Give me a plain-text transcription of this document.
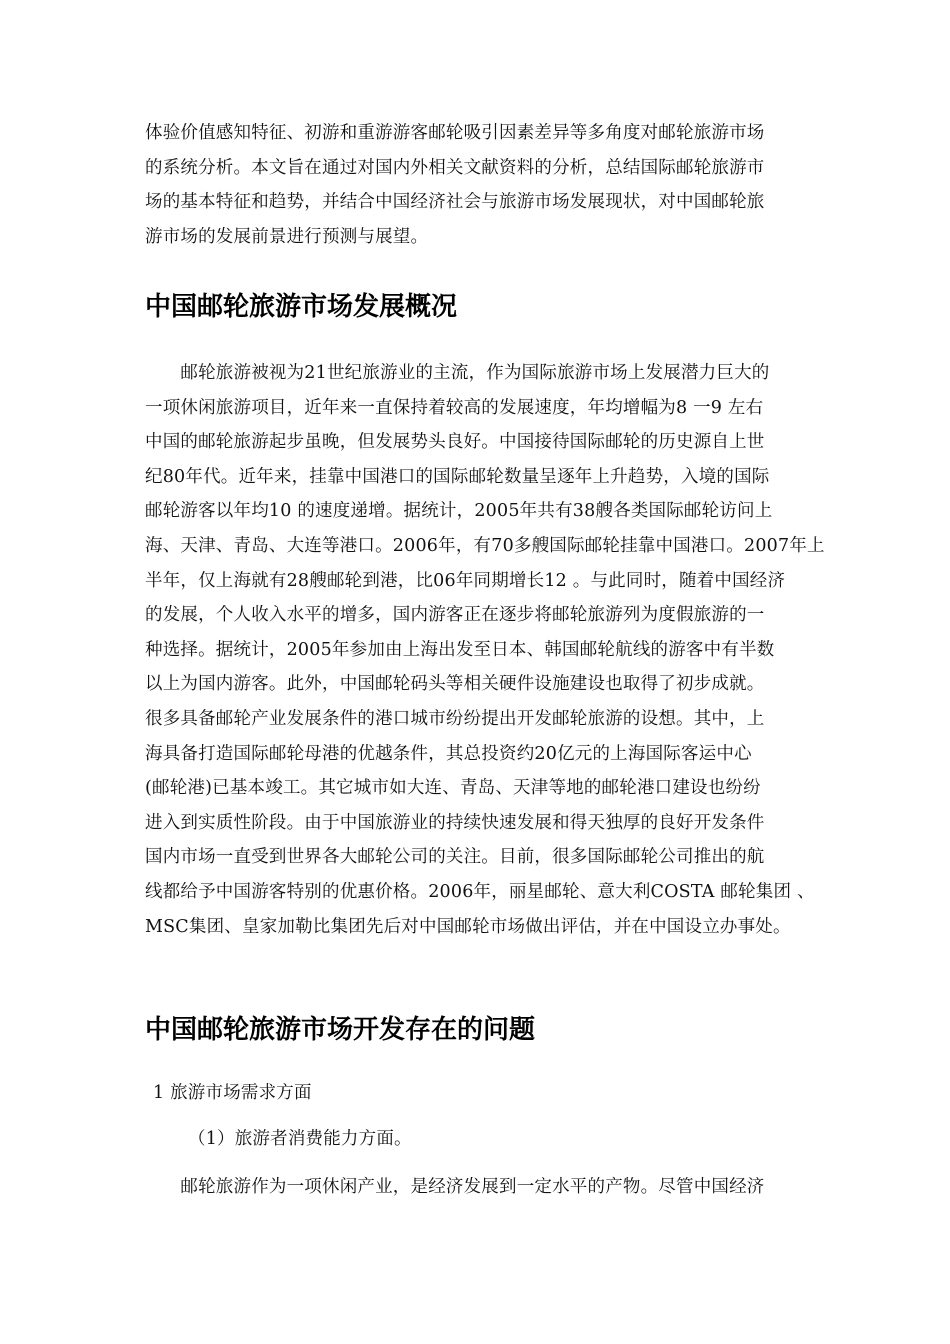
体验价值感知特征、初游和重游游客邮轮吸引因素差异等多角度对邮轮旅游市场
的系统分析。本文旨在通过对国内外相关文献资料的分析，总结国际邮轮旅游市
场的基本特征和趋势，并结合中国经济社会与旅游市场发展现状，对中国邮轮旅
游市场的发展前景进行预测与展望。
中国邮轮旅游市场发展概况
　　邮轮旅游被视为21世纪旅游业的主流，作为国际旅游市场上发展潜力巨大的
一项休闲旅游项目，近年来一直保持着较高的发展速度，年均增幅为8 一9 左右
中国的邮轮旅游起步虽晚，但发展势头良好。中国接待国际邮轮的历史源自上世
纪80年代。近年来，挂靠中国港口的国际邮轮数量呈逐年上升趋势，入境的国际
邮轮游客以年均10 的速度递增。据统计，2005年共有38艘各类国际邮轮访问上
海、天津、青岛、大连等港口。2006年，有70多艘国际邮轮挂靠中国港口。2007年上
半年，仅上海就有28艘邮轮到港，比06年同期增长12 。与此同时，随着中国经济
的发展，个人收入水平的增多，国内游客正在逐步将邮轮旅游列为度假旅游的一
种选择。据统计，2005年参加由上海出发至日本、韩国邮轮航线的游客中有半数
以上为国内游客。此外，中国邮轮码头等相关硬件设施建设也取得了初步成就。
很多具备邮轮产业发展条件的港口城市纷纷提出开发邮轮旅游的设想。其中，上
海具备打造国际邮轮母港的优越条件，其总投资约20亿元的上海国际客运中心
(邮轮港)已基本竣工。其它城市如大连、青岛、天津等地的邮轮港口建设也纷纷
进入到实质性阶段。由于中国旅游业的持续快速发展和得天独厚的良好开发条件
国内市场一直受到世界各大邮轮公司的关注。目前，很多国际邮轮公司推出的航
线都给予中国游客特别的优惠价格。2006年，丽星邮轮、意大利COSTA 邮轮集团 、
MSC集团、皇家加勒比集团先后对中国邮轮市场做出评估，并在中国设立办事处。
中国邮轮旅游市场开发存在的问题
1 旅游市场需求方面
（1）旅游者消费能力方面。
　　邮轮旅游作为一项休闲产业，是经济发展到一定水平的产物。尽管中国经济
